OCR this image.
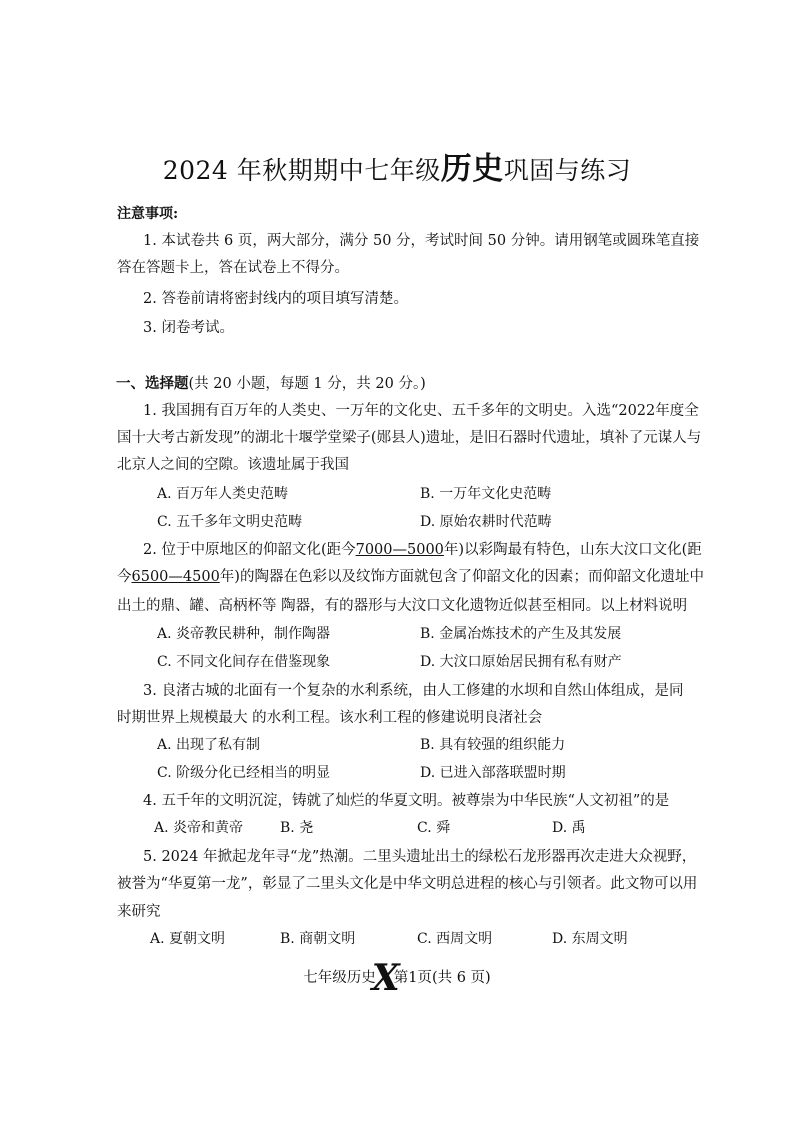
2024 年秋期期中七年级历史巩固与练习
注意事项:
1. 本试卷共 6 页，两大部分，满分 50 分，考试时间 50 分钟。请用钢笔或圆珠笔直接
答在答题卡上，答在试卷上不得分。
2. 答卷前请将密封线内的项目填写清楚。
3. 闭卷考试。
一、选择题(共 20 小题，每题 1 分，共 20 分。)
1. 我国拥有百万年的人类史、一万年的文化史、五千多年的文明史。入选“2022年度全
国十大考古新发现”的湖北十堰学堂梁子(郧县人)遗址，是旧石器时代遗址，填补了元谋人与
北京人之间的空隙。该遗址属于我国
A. 百万年人类史范畴	B. 一万年文化史范畴
C. 五千多年文明史范畴	D. 原始农耕时代范畴
2. 位于中原地区的仰韶文化(距今7000—5000年)以彩陶最有特色，山东大汶口文化(距
今6500—4500年)的陶器在色彩以及纹饰方面就包含了仰韶文化的因素；而仰韶文化遗址中
出土的鼎、罐、高柄杯等 陶器，有的器形与大汶口文化遗物近似甚至相同。以上材料说明
A. 炎帝教民耕种，制作陶器	B. 金属冶炼技术的产生及其发展
C. 不同文化间存在借鉴现象	D. 大汶口原始居民拥有私有财产
3. 良渚古城的北面有一个复杂的水利系统，由人工修建的水坝和自然山体组成，是同
时期世界上规模最大 的水利工程。该水利工程的修建说明良渚社会
A. 出现了私有制	B. 具有较强的组织能力
C. 阶级分化已经相当的明显	D. 已进入部落联盟时期
4. 五千年的文明沉淀，铸就了灿烂的华夏文明。被尊崇为中华民族“人文初祖”的是
A. 炎帝和黄帝	B. 尧	C. 舜	D. 禹
5. 2024 年掀起龙年寻“龙”热潮。二里头遗址出土的绿松石龙形器再次走进大众视野，
被誉为“华夏第一龙”，彰显了二里头文化是中华文明总进程的核心与引领者。此文物可以用
来研究
A. 夏朝文明	B. 商朝文明	C. 西周文明	D. 东周文明
七年级历史X第1页(共 6 页)
